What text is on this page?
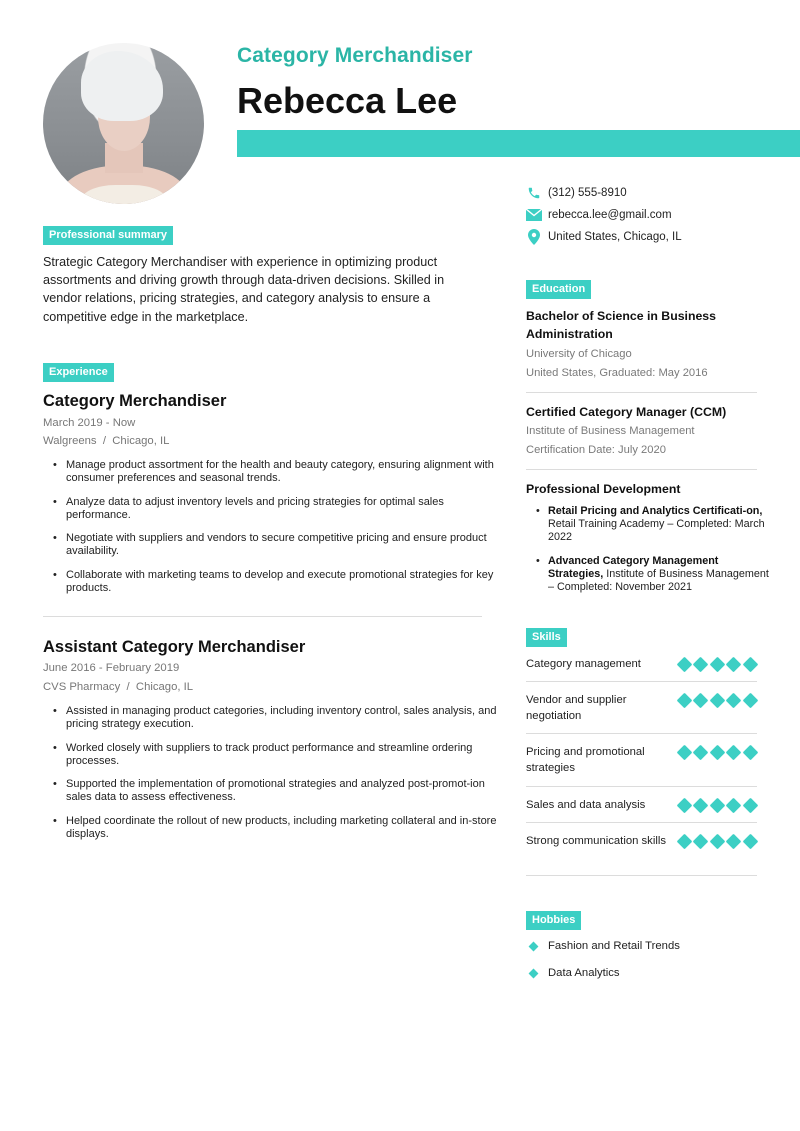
Category Merchandiser
Rebecca Lee
(312) 555-8910
rebecca.lee@gmail.com
United States, Chicago, IL
Professional summary
Strategic Category Merchandiser with experience in optimizing product assortments and driving growth through data-driven decisions. Skilled in vendor relations, pricing strategies, and category analysis to ensure a competitive edge in the marketplace.
Experience
Category Merchandiser
March 2019 - Now
Walgreens  /  Chicago, IL
• Manage product assortment for the health and beauty category, ensuring alignment with consumer preferences and seasonal trends.
• Analyze data to adjust inventory levels and pricing strategies for optimal sales performance.
• Negotiate with suppliers and vendors to secure competitive pricing and ensure product availability.
• Collaborate with marketing teams to develop and execute promotional strategies for key products.
Assistant Category Merchandiser
June 2016 - February 2019
CVS Pharmacy  /  Chicago, IL
• Assisted in managing product categories, including inventory control, sales analysis, and pricing strategy execution.
• Worked closely with suppliers to track product performance and streamline ordering processes.
• Supported the implementation of promotional strategies and analyzed post-promot-ion sales data to assess effectiveness.
• Helped coordinate the rollout of new products, including marketing collateral and in-store displays.
Education
Bachelor of Science in Business Administration
University of Chicago
United States, Graduated: May 2016
Certified Category Manager (CCM)
Institute of Business Management
Certification Date: July 2020
Professional Development
• Retail Pricing and Analytics Certificati-on, Retail Training Academy – Completed: March 2022
• Advanced Category Management Strategies, Institute of Business Management – Completed: November 2021
Skills
Category management
Vendor and supplier negotiation
Pricing and promotional strategies
Sales and data analysis
Strong communication skills
Hobbies
Fashion and Retail Trends
Data Analytics
